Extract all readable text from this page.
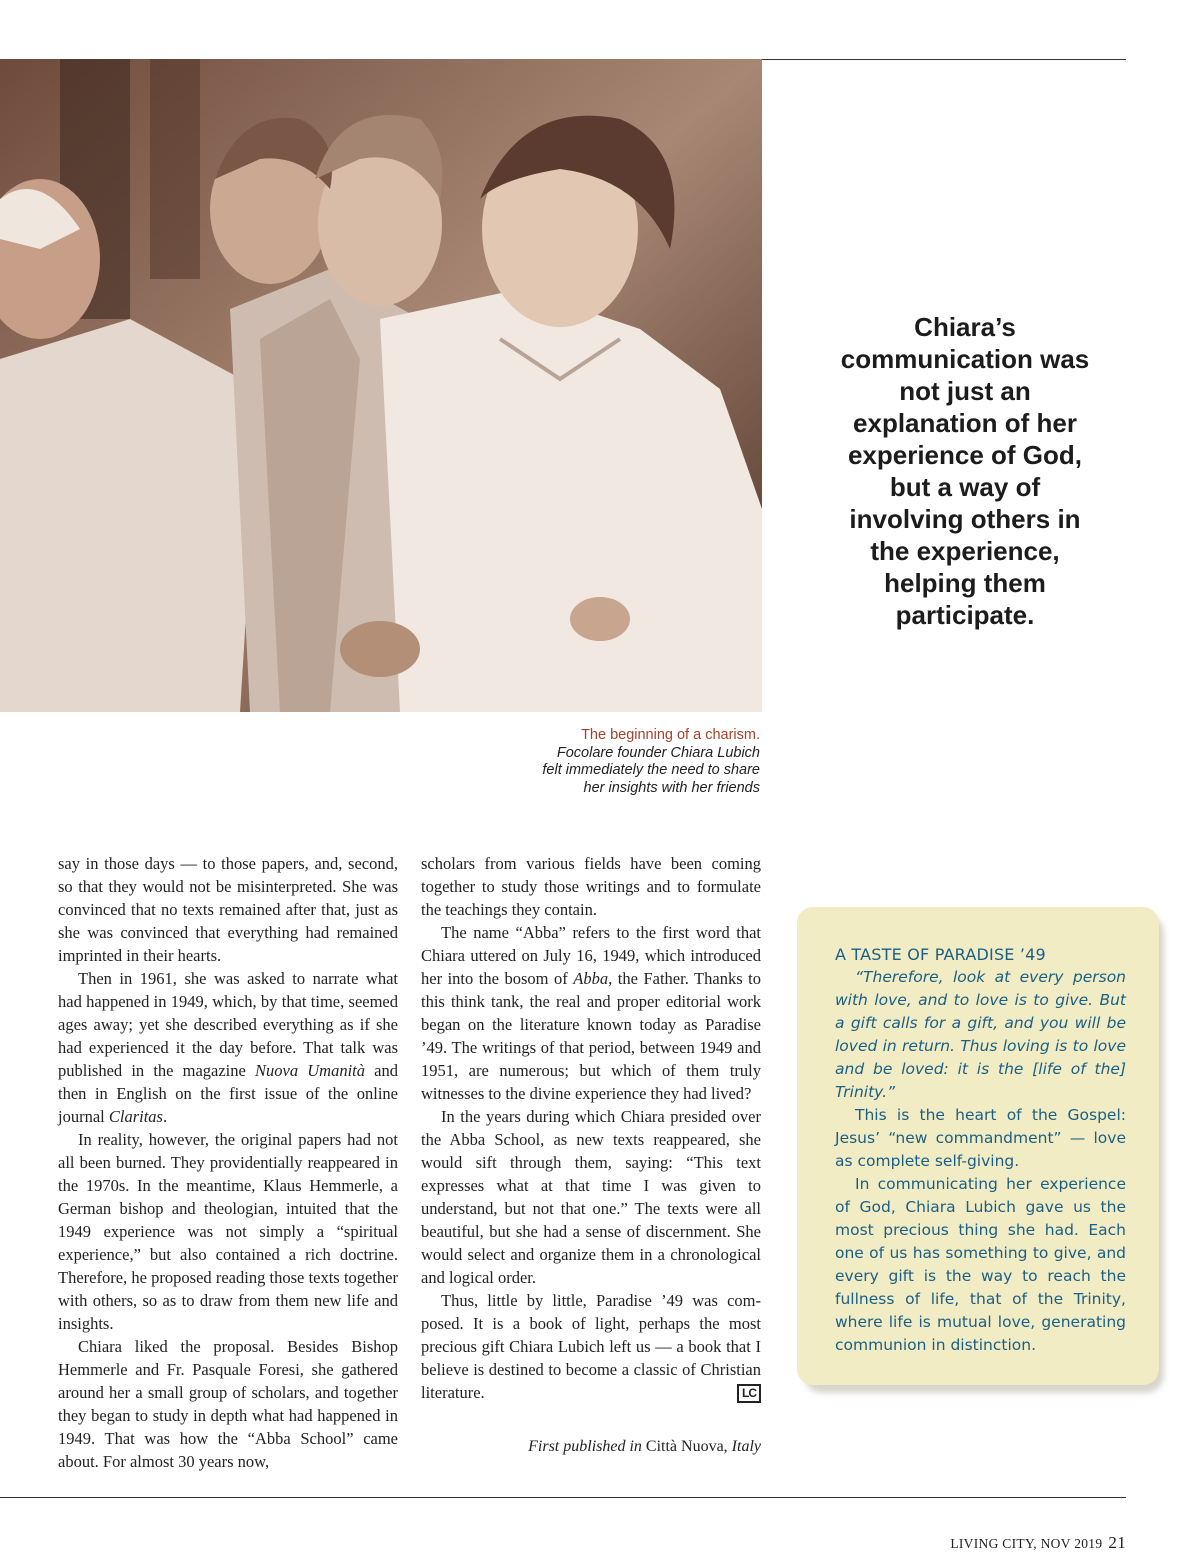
The beginning of a charism.
Focolare founder Chiara Lubich
felt immediately the need to share
her insights with her friends
Chiara’s communication was not just an explanation of her experience of God, but a way of involving others in the experience, helping them participate.

say in those days — to those papers, and, second, so that they would not be misinterpreted. She was convinced that no texts remained after that, just as she was convinced that everything had remained imprinted in their hearts.

Then in 1961, she was asked to narrate what had happened in 1949, which, by that time, seemed ages away; yet she described everything as if she had experienced it the day before. That talk was published in the magazine Nuova Umanità and then in English on the first issue of the online journal Claritas.

In reality, however, the original papers had not all been burned. They providentially reappeared in the 1970s. In the meantime, Klaus Hemmerle, a German bishop and theologian, intuited that the 1949 experience was not simply a “spiritual experience,” but also contained a rich doctrine. Therefore, he proposed reading those texts together with others, so as to draw from them new life and insights.

Chiara liked the proposal. Besides Bishop Hemmerle and Fr. Pasquale Foresi, she gathered around her a small group of scholars, and together they began to study in depth what had happened in 1949. That was how the “Abba School” came about. For almost 30 years now,

scholars from various fields have been coming together to study those writings and to formulate the teachings they contain.

The name “Abba” refers to the first word that Chiara uttered on July 16, 1949, which introduced her into the bosom of Abba, the Father. Thanks to this think tank, the real and proper editorial work began on the literature known today as Paradise ’49. The writings of that period, between 1949 and 1951, are numerous; but which of them truly witnesses to the divine experience they had lived?

In the years during which Chiara presided over the Abba School, as new texts reappeared, she would sift through them, saying: “This text expresses what at that time I was given to understand, but not that one.” The texts were all beautiful, but she had a sense of discernment. She would select and organize them in a chronological and logical order.

Thus, little by little, Paradise ’49 was composed. It is a book of light, perhaps the most precious gift Chiara Lubich left us — a book that I believe is destined to become a classic of Christian literature.	LC

First published in Città Nuova, Italy
A TASTE OF PARADISE ’49

“Therefore, look at every person with love, and to love is to give. But a gift calls for a gift, and you will be loved in return. Thus loving is to love and be loved: it is the [life of the] Trinity.”

This is the heart of the Gospel: Jesus’ “new commandment” — love as complete self-giving.

In communicating her experience of God, Chiara Lubich gave us the most precious thing she had. Each one of us has something to give, and every gift is the way to reach the fullness of life, that of the Trinity, where life is mutual love, generating communion in distinction.

LIVING CITY, NOV 2019 21
